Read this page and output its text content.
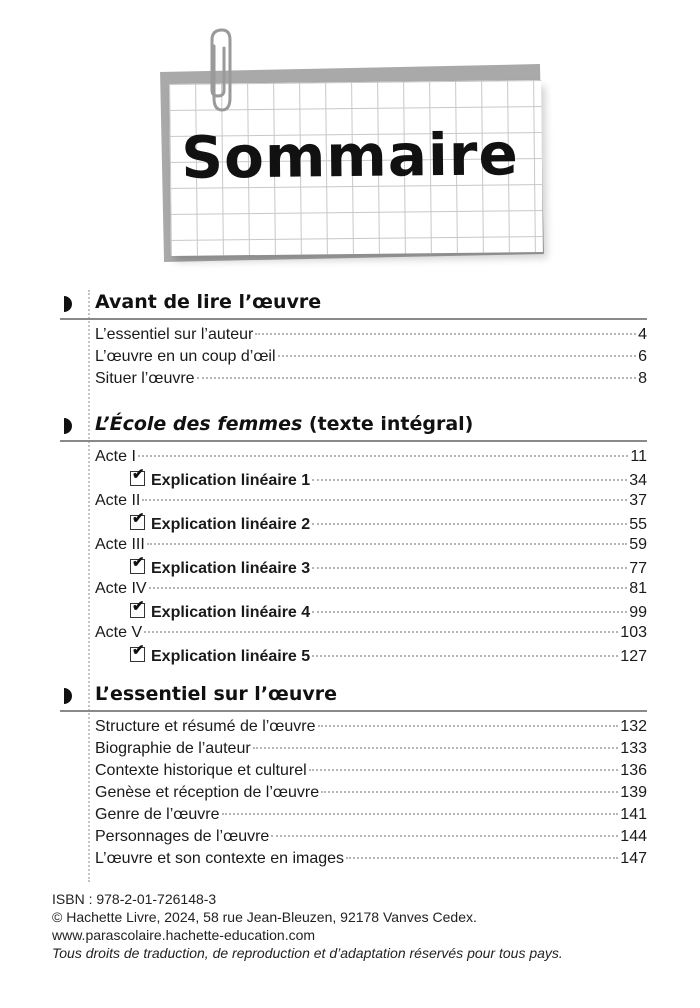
Sommaire
Avant de lire l’œuvre
L’essentiel sur l’auteur	4
L’œuvre en un coup d’œil	6
Situer l’œuvre	8
L’École des femmes (texte intégral)
Acte I	11
✔
Explication linéaire 1	34
Acte II	37
✔
Explication linéaire 2	55
Acte III	59
✔
Explication linéaire 3	77
Acte IV	81
✔
Explication linéaire 4	99
Acte V	103
✔
Explication linéaire 5	127
L’essentiel sur l’œuvre
Structure et résumé de l’œuvre	132
Biographie de l’auteur	133
Contexte historique et culturel	136
Genèse et réception de l’œuvre	139
Genre de l’œuvre	141
Personnages de l’œuvre	144
L’œuvre et son contexte en images	147
ISBN : 978-2-01-726148-3
© Hachette Livre, 2024, 58 rue Jean-Bleuzen, 92178 Vanves Cedex.
www.parascolaire.hachette-education.com
Tous droits de traduction, de reproduction et d’adaptation réservés pour tous pays.
